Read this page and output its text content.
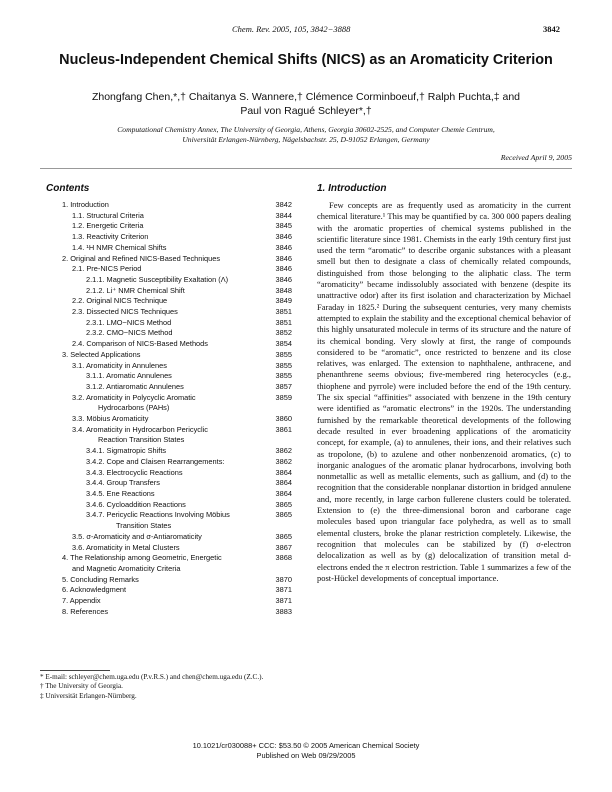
Chem. Rev. 2005, 105, 3842−3888	3842
Nucleus-Independent Chemical Shifts (NICS) as an Aromaticity Criterion
Zhongfang Chen,*,† Chaitanya S. Wannere,† Clémence Corminboeuf,† Ralph Puchta,‡ and
Paul von Ragué Schleyer*,†
Computational Chemistry Annex, The University of Georgia, Athens, Georgia 30602-2525, and Computer Chemie Centrum,
Universität Erlangen-Nürnberg, Nägelsbachstr. 25, D-91052 Erlangen, Germany
Received April 9, 2005
Contents
1. Introduction	3842
1.1. Structural Criteria	3844
1.2. Energetic Criteria	3845
1.3. Reactivity Criterion	3846
1.4. ¹H NMR Chemical Shifts	3846
2. Original and Refined NICS-Based Techniques	3846
2.1. Pre-NICS Period	3846
2.1.1. Magnetic Susceptibility Exaltation (Λ)	3846
2.1.2. Li⁺ NMR Chemical Shift	3848
2.2. Original NICS Technique	3849
2.3. Dissected NICS Techniques	3851
2.3.1. LMO−NICS Method	3851
2.3.2. CMO−NICS Method	3852
2.4. Comparison of NICS-Based Methods	3854
3. Selected Applications	3855
3.1. Aromaticity in Annulenes	3855
3.1.1. Aromatic Annulenes	3855
3.1.2. Antiaromatic Annulenes	3857
3.2. Aromaticity in Polycyclic Aromatic	3859
Hydrocarbons (PAHs)
3.3. Möbius Aromaticity	3860
3.4. Aromaticity in Hydrocarbon Pericyclic	3861
Reaction Transition States
3.4.1. Sigmatropic Shifts	3862
3.4.2. Cope and Claisen Rearrangements:	3862
3.4.3. Electrocyclic Reactions	3864
3.4.4. Group Transfers	3864
3.4.5. Ene Reactions	3864
3.4.6. Cycloaddition Reactions	3865
3.4.7. Pericyclic Reactions Involving Möbius	3865
Transition States
3.5. σ-Aromaticity and σ-Antiaromaticity	3865
3.6. Aromaticity in Metal Clusters	3867
4. The Relationship among Geometric, Energetic	3868
and Magnetic Aromaticity Criteria
5. Concluding Remarks	3870
6. Acknowledgment	3871
7. Appendix	3871
8. References	3883
1. Introduction

Few concepts are as frequently used as aromaticity in the current chemical literature.¹ This may be quantified by ca. 300 000 papers dealing with the aromatic properties of chemical systems published in the scientific literature since 1981. Chemists in the early 19th century first just used the term “aromatic” to describe organic substances with a pleasant smell but then to designate a class of chemically related compounds, distinguished from those belonging to the aliphatic class. The term “aromaticity” became indissolubly associated with benzene (despite its unattractive odor) after its first isolation and characterization by Michael Faraday in 1825.² During the subsequent centuries, very many chemists attempted to explain the stability and the exceptional chemical behavior of this highly unsaturated molecule in terms of its structure and the nature of its chemical bonding. Very slowly at first, the range of compounds considered to be “aromatic”, once restricted to benzene and its close relatives, was enlarged. The extension to naphthalene, anthracene, and phenanthrene seems obvious; five-membered ring heterocycles (e.g., thiophene and pyrrole) were included before the end of the 19th century. The six special “affinities” associated with benzene in the 19th century were identified as “aromatic electrons” in the 1920s. The understanding furnished by the remarkable theoretical developments of the following decade resulted in ever broadening applications of the aromaticity concept, for example, (a) to annulenes, their ions, and their relatives such as tropolone, (b) to azulene and other nonbenzenoid aromatics, (c) to inorganic analogues of the aromatic planar hydrocarbons, involving both nonmetallic as well as metallic elements, such as gallium, and (d) to the recognition that the considerable nonplanar distortion in bridged annulene and, more recently, in large carbon fullerene clusters could be tolerated. Extension to (e) the three-dimensional boron and carborane cage molecules based upon triangular face polyhedra, as well as to small elemental clusters, broke the planar restriction completely. Likewise, the recognition that molecules can be stabilized by (f) σ-electron delocalization as well as by (g) delocalization of transition metal d-electrons ended the π electron restriction. Table 1 summarizes a few of the post-Hückel developments of conceptual importance.

* E-mail: schleyer@chem.uga.edu (P.v.R.S.) and chen@chem.uga.edu (Z.C.).
† The University of Georgia.
‡ Universität Erlangen-Nürnberg.
10.1021/cr030088+ CCC: $53.50 © 2005 American Chemical Society
Published on Web 09/29/2005
